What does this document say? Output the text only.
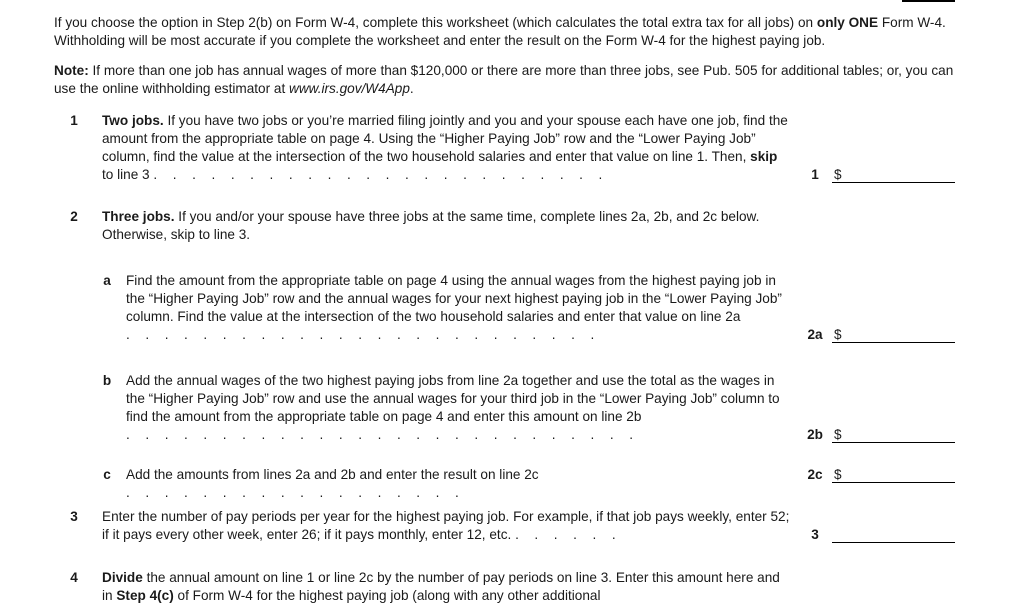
If you choose the option in Step 2(b) on Form W-4, complete this worksheet (which calculates the total extra tax for all jobs) on only ONE Form W-4. Withholding will be most accurate if you complete the worksheet and enter the result on the Form W-4 for the highest paying job.
Note: If more than one job has annual wages of more than $120,000 or there are more than three jobs, see Pub. 505 for additional tables; or, you can use the online withholding estimator at www.irs.gov/W4App.
1	Two jobs. If you have two jobs or you’re married filing jointly and you and your spouse each have one job, find the amount from the appropriate table on page 4. Using the “Higher Paying Job” row and the “Lower Paying Job” column, find the value at the intersection of the two household salaries and enter that value on line 1. Then, skip to line 3 . . . . . . . . . . . . . . . . . . . . . . . .	1	$
2	Three jobs. If you and/or your spouse have three jobs at the same time, complete lines 2a, 2b, and 2c below. Otherwise, skip to line 3.
a Find the amount from the appropriate table on page 4 using the annual wages from the highest paying job in the “Higher Paying Job” row and the annual wages for your next highest paying job in the “Lower Paying Job” column. Find the value at the intersection of the two household salaries and enter that value on line 2a . . . . . . . . . . . . . . . . . . . . . . . . .	2a $
b Add the annual wages of the two highest paying jobs from line 2a together and use the total as the wages in the “Higher Paying Job” row and use the annual wages for your third job in the “Lower Paying Job” column to find the amount from the appropriate table on page 4 and enter this amount on line 2b . . . . . . . . . . . . . . . . . . . . . . . . . . .	2b $
c Add the amounts from lines 2a and 2b and enter the result on line 2c . . . . . . . . . . . . . . . . . .
2c $
3	Enter the number of pay periods per year for the highest paying job. For example, if that job pays weekly, enter 52; if it pays every other week, enter 26; if it pays monthly, enter 12, etc. . . . . . .	3
4	Divide the annual amount on line 1 or line 2c by the number of pay periods on line 3. Enter this amount here and in Step 4(c) of Form W-4 for the highest paying job (along with any other additional
